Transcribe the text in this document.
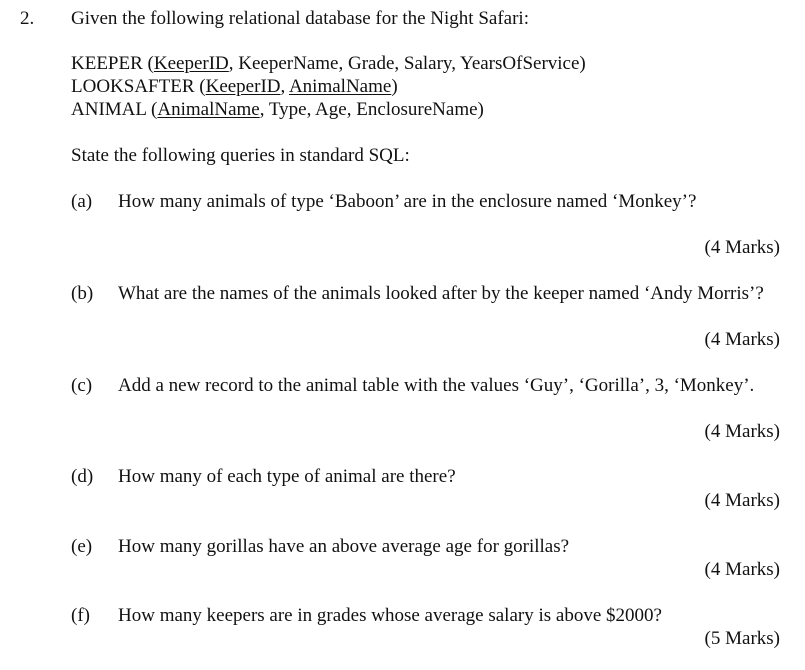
2. Given the following relational database for the Night Safari:
KEEPER (KeeperID, KeeperName, Grade, Salary, YearsOfService)
LOOKSAFTER (KeeperID, AnimalName)
ANIMAL (AnimalName, Type, Age, EnclosureName)
State the following queries in standard SQL:
(a) How many animals of type ‘Baboon’ are in the enclosure named ‘Monkey’?
(4 Marks)
(b) What are the names of the animals looked after by the keeper named ‘Andy Morris’?
(4 Marks)
(c) Add a new record to the animal table with the values ‘Guy’, ‘Gorilla’, 3, ‘Monkey’.
(4 Marks)
(d) How many of each type of animal are there?
(4 Marks)
(e) How many gorillas have an above average age for gorillas?
(4 Marks)
(f) How many keepers are in grades whose average salary is above $2000?
(5 Marks)
